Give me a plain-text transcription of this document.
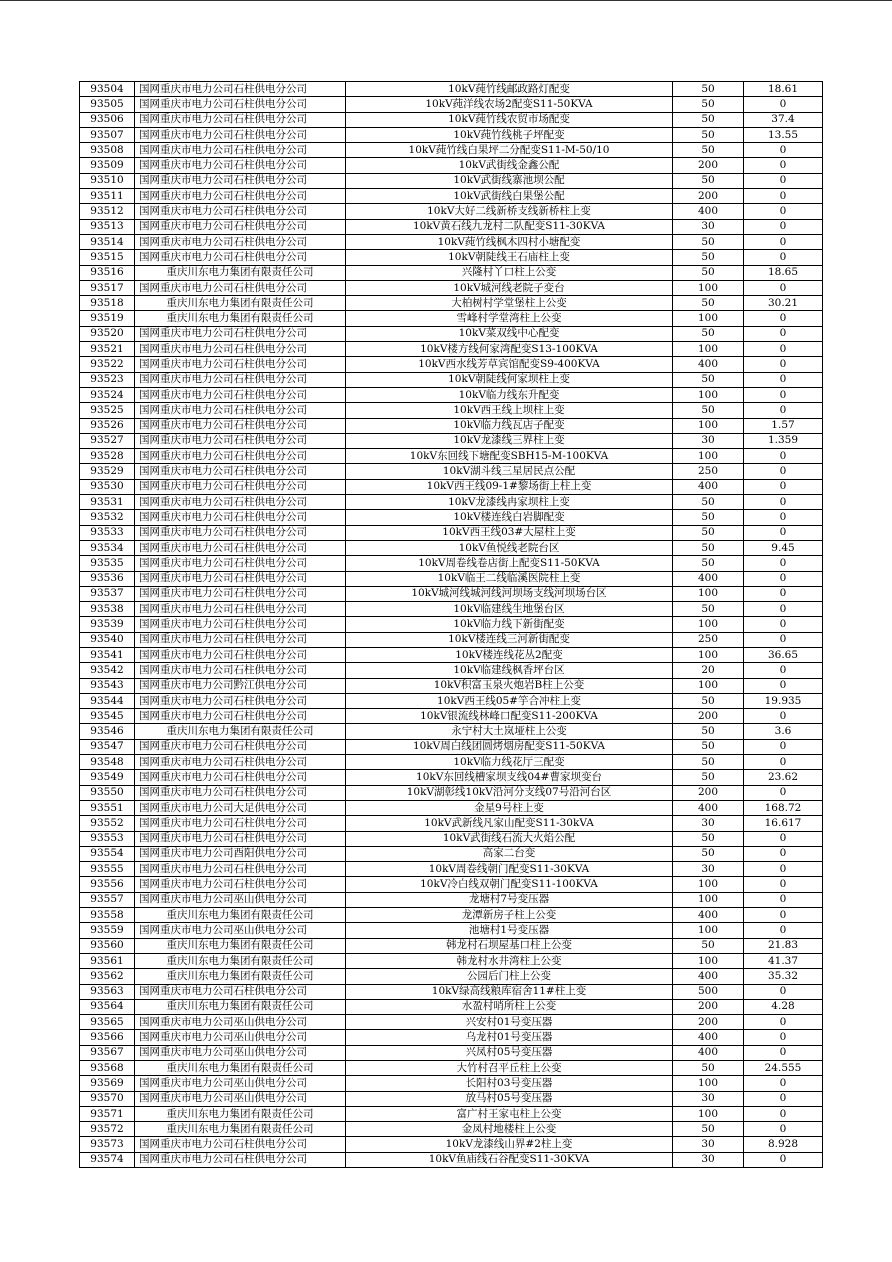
93504	国网重庆市电力公司石柱供电分公司	10kV莼竹线邮政路灯配变	50	18.61
93505	国网重庆市电力公司石柱供电分公司	10kV莼洋线农场2配变S11-50KVA	50	0
93506	国网重庆市电力公司石柱供电分公司	10kV莼竹线农贸市场配变	50	37.4
93507	国网重庆市电力公司石柱供电分公司	10kV莼竹线桃子坪配变	50	13.55
93508	国网重庆市电力公司石柱供电分公司	10kV莼竹线白果坪二分配变S11-M-50/10	50	0
93509	国网重庆市电力公司石柱供电分公司	10kV武街线金鑫公配	200	0
93510	国网重庆市电力公司石柱供电分公司	10kV武街线寨池坝公配	50	0
93511	国网重庆市电力公司石柱供电分公司	10kV武街线白果堡公配	200	0
93512	国网重庆市电力公司石柱供电分公司	10kV大好二线新桥支线新桥柱上变	400	0
93513	国网重庆市电力公司石柱供电分公司	10kV黄石线九龙村二队配变S11-30KVA	30	0
93514	国网重庆市电力公司石柱供电分公司	10kV莼竹线枫木四村小塘配变	50	0
93515	国网重庆市电力公司石柱供电分公司	10kV朝陡线王石庙柱上变	50	0
93516	重庆川东电力集团有限责任公司	兴隆村丫口柱上公变	50	18.65
93517	国网重庆市电力公司石柱供电分公司	10kV城河线老院子变台	100	0
93518	重庆川东电力集团有限责任公司	大柏树村学堂堡柱上公变	50	30.21
93519	重庆川东电力集团有限责任公司	雪峰村学堂湾柱上公变	100	0
93520	国网重庆市电力公司石柱供电分公司	10kV菜双线中心配变	50	0
93521	国网重庆市电力公司石柱供电分公司	10kV楼方线何家湾配变S13-100KVA	100	0
93522	国网重庆市电力公司石柱供电分公司	10kV西水线芳草宾馆配变S9-400KVA	400	0
93523	国网重庆市电力公司石柱供电分公司	10kV朝陡线何家坝柱上变	50	0
93524	国网重庆市电力公司石柱供电分公司	10kV临力线东升配变	100	0
93525	国网重庆市电力公司石柱供电分公司	10kV西王线上坝柱上变	50	0
93526	国网重庆市电力公司石柱供电分公司	10kV临力线瓦店子配变	100	1.57
93527	国网重庆市电力公司石柱供电分公司	10kV龙漆线三界柱上变	30	1.359
93528	国网重庆市电力公司石柱供电分公司	10kV东回线下塘配变SBH15-M-100KVA	100	0
93529	国网重庆市电力公司石柱供电分公司	10kV湖斗线三星居民点公配	250	0
93530	国网重庆市电力公司石柱供电分公司	10kV西王线09-1#黎场街上柱上变	400	0
93531	国网重庆市电力公司石柱供电分公司	10kV龙漆线冉家坝柱上变	50	0
93532	国网重庆市电力公司石柱供电分公司	10kV楼连线白岩脚配变	50	0
93533	国网重庆市电力公司石柱供电分公司	10kV西王线03#大屋柱上变	50	0
93534	国网重庆市电力公司石柱供电分公司	10kV鱼悦线老院台区	50	9.45
93535	国网重庆市电力公司石柱供电分公司	10kV周卷线卷店街上配变S11-50KVA	50	0
93536	国网重庆市电力公司石柱供电分公司	10kV临王二线临溪医院柱上变	400	0
93537	国网重庆市电力公司石柱供电分公司	10kV城河线城河线河坝场支线河坝场台区	100	0
93538	国网重庆市电力公司石柱供电分公司	10kV临建线生地堡台区	50	0
93539	国网重庆市电力公司石柱供电分公司	10kV临力线下新街配变	100	0
93540	国网重庆市电力公司石柱供电分公司	10kV楼连线三河新街配变	250	0
93541	国网重庆市电力公司石柱供电分公司	10kV楼连线花丛2配变	100	36.65
93542	国网重庆市电力公司石柱供电分公司	10kV临建线枫香坪台区	20	0
93543	国网重庆市电力公司黔江供电分公司	10kV积富玉泉火炮岩B柱上公变	100	0
93544	国网重庆市电力公司石柱供电分公司	10kV西王线05#竽合冲柱上变	50	19.935
93545	国网重庆市电力公司石柱供电分公司	10kV银流线林峰口配变S11-200KVA	200	0
93546	重庆川东电力集团有限责任公司	永宁村大土岚垭柱上公变	50	3.6
93547	国网重庆市电力公司石柱供电分公司	10kV周白线团圆烤烟房配变S11-50KVA	50	0
93548	国网重庆市电力公司石柱供电分公司	10kV临力线花厅三配变	50	0
93549	国网重庆市电力公司石柱供电分公司	10kV东回线槽家坝支线04#曹家坝变台	50	23.62
93550	国网重庆市电力公司石柱供电分公司	10kV湖彰线10kV沿河分支线07号沿河台区	200	0
93551	国网重庆市电力公司大足供电分公司	金星9号柱上变	400	168.72
93552	国网重庆市电力公司石柱供电分公司	10kV武新线凡家山配变S11-30kVA	30	16.617
93553	国网重庆市电力公司石柱供电分公司	10kV武街线石流大火焰公配	50	0
93554	国网重庆市电力公司酉阳供电分公司	高家二台变	50	0
93555	国网重庆市电力公司石柱供电分公司	10kV周卷线朝门配变S11-30KVA	30	0
93556	国网重庆市电力公司石柱供电分公司	10kV冷白线双朝门配变S11-100KVA	100	0
93557	国网重庆市电力公司巫山供电分公司	龙塘村7号变压器	100	0
93558	重庆川东电力集团有限责任公司	龙潭新房子柱上公变	400	0
93559	国网重庆市电力公司巫山供电分公司	池塘村1号变压器	100	0
93560	重庆川东电力集团有限责任公司	韩龙村石坝屋基口柱上公变	50	21.83
93561	重庆川东电力集团有限责任公司	韩龙村水井湾柱上公变	100	41.37
93562	重庆川东电力集团有限责任公司	公园后门柱上公变	400	35.32
93563	国网重庆市电力公司石柱供电分公司	10kV绿高线粮库宿舍11#柱上变	500	0
93564	重庆川东电力集团有限责任公司	水盈村哨所柱上公变	200	4.28
93565	国网重庆市电力公司巫山供电分公司	兴安村01号变压器	200	0
93566	国网重庆市电力公司巫山供电分公司	乌龙村01号变压器	400	0
93567	国网重庆市电力公司巫山供电分公司	兴凤村05号变压器	400	0
93568	重庆川东电力集团有限责任公司	大竹村召平丘柱上公变	50	24.555
93569	国网重庆市电力公司巫山供电分公司	长阳村03号变压器	100	0
93570	国网重庆市电力公司巫山供电分公司	放马村05号变压器	30	0
93571	重庆川东电力集团有限责任公司	富广村王家屯柱上公变	100	0
93572	重庆川东电力集团有限责任公司	金凤村地楼柱上公变	50	0
93573	国网重庆市电力公司石柱供电分公司	10kV龙漆线山界#2柱上变	30	8.928
93574	国网重庆市电力公司石柱供电分公司	10kV鱼庙线石谷配变S11-30KVA	30	0
